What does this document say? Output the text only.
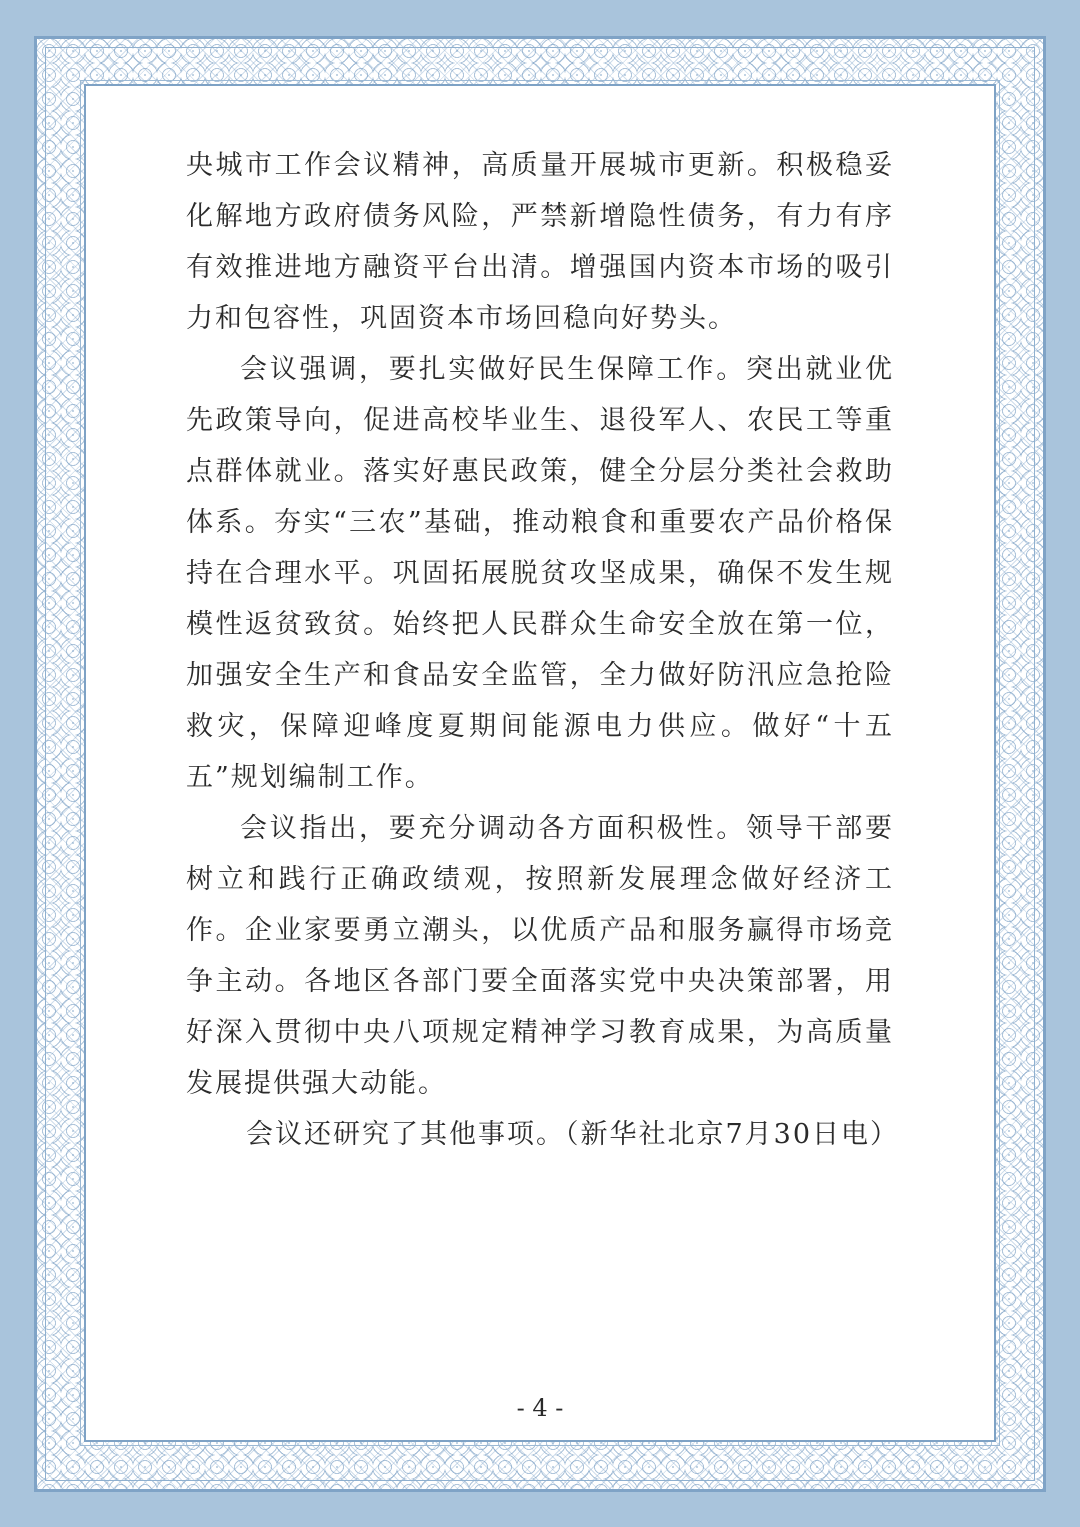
央城市工作会议精神，高质量开展城市更新。积极稳妥化解地方政府债务风险，严禁新增隐性债务，有力有序有效推进地方融资平台出清。增强国内资本市场的吸引力和包容性，巩固资本市场回稳向好势头。

会议强调，要扎实做好民生保障工作。突出就业优先政策导向，促进高校毕业生、退役军人、农民工等重点群体就业。落实好惠民政策，健全分层分类社会救助体系。夯实“三农”基础，推动粮食和重要农产品价格保持在合理水平。巩固拓展脱贫攻坚成果，确保不发生规模性返贫致贫。始终把人民群众生命安全放在第一位，加强安全生产和食品安全监管，全力做好防汛应急抢险救灾，保障迎峰度夏期间能源电力供应。做好“十五五”规划编制工作。

会议指出，要充分调动各方面积极性。领导干部要树立和践行正确政绩观，按照新发展理念做好经济工作。企业家要勇立潮头，以优质产品和服务赢得市场竞争主动。各地区各部门要全面落实党中央决策部署，用好深入贯彻中央八项规定精神学习教育成果，为高质量发展提供强大动能。

会议还研究了其他事项。（新华社北京7月30日电）

- 4 -
